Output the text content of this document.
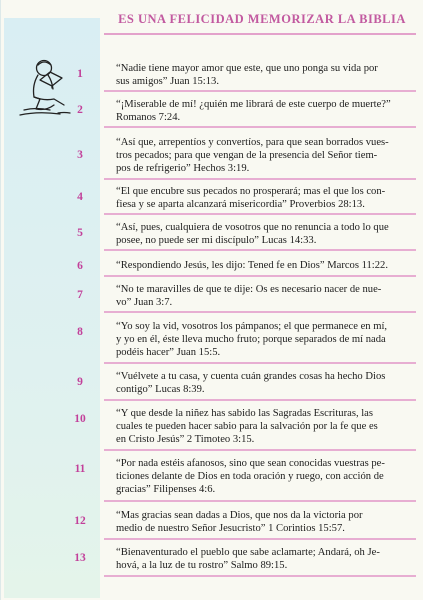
ES UNA FELICIDAD MEMORIZAR LA BIBLIA
1	“Nadie tiene mayor amor que este, que uno ponga su vida por
sus amigos” Juan 15:13.
2	“¡Miserable de mí! ¿quién me librará de este cuerpo de muerte?”
Romanos 7:24.
3
“Así que, arrepentíos y convertíos, para que sean borrados vues-
tros pecados; para que vengan de la presencia del Señor tiem-
pos de refrigerio” Hechos 3:19.
4	“El que encubre sus pecados no prosperará; mas el que los con-
fiesa y se aparta alcanzará misericordia” Proverbios 28:13.
5	“Así, pues, cualquiera de vosotros que no renuncia a todo lo que
posee, no puede ser mi discípulo” Lucas 14:33.
6	“Respondiendo Jesús, les dijo: Tened fe en Dios” Marcos 11:22.
7	“No te maravilles de que te dije: Os es necesario nacer de nue-
vo” Juan 3:7.
8	“Yo soy la vid, vosotros los pámpanos; el que permanece en mí,
y yo en él, éste lleva mucho fruto; porque separados de mí nada
podéis hacer” Juan 15:5.
9	“Vuélvete a tu casa, y cuenta cuán grandes cosas ha hecho Dios
contigo” Lucas 8:39.
10	“Y que desde la niñez has sabido las Sagradas Escrituras, las
cuales te pueden hacer sabio para la salvación por la fe que es
en Cristo Jesús” 2 Timoteo 3:15.
11	“Por nada estéis afanosos, sino que sean conocidas vuestras pe-
ticiones delante de Dios en toda oración y ruego, con acción de
gracias” Filipenses 4:6.
12	“Mas gracias sean dadas a Dios, que nos da la victoria por
medio de nuestro Señor Jesucristo” 1 Corintios 15:57.
13	“Bienaventurado el pueblo que sabe aclamarte; Andará, oh Je-
hová, a la luz de tu rostro” Salmo 89:15.
